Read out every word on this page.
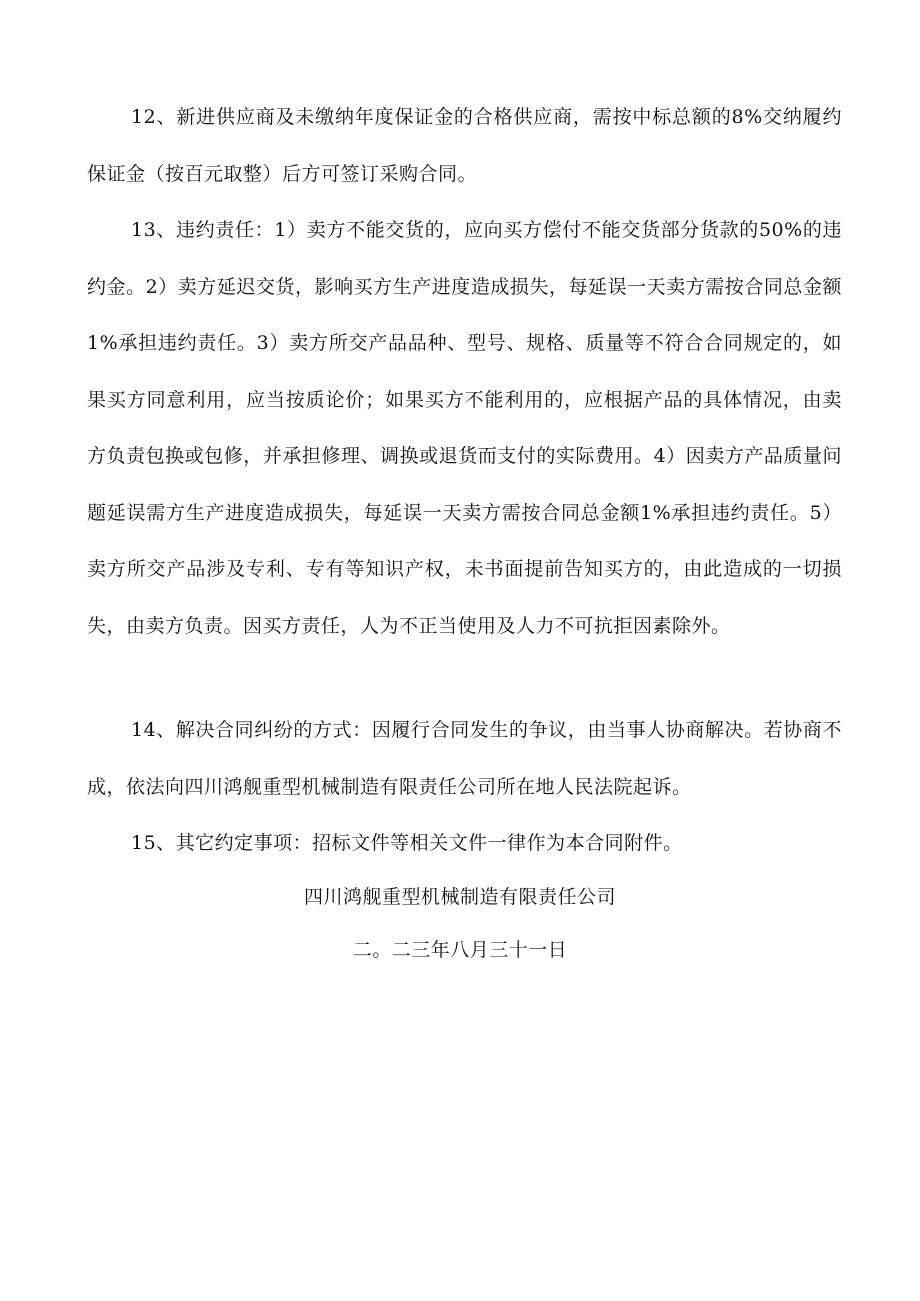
12、新进供应商及未缴纳年度保证金的合格供应商，需按中标总额的8%交纳履约保证金（按百元取整）后方可签订采购合同。

13、违约责任：1）卖方不能交货的，应向买方偿付不能交货部分货款的50%的违约金。2）卖方延迟交货，影响买方生产进度造成损失，每延误一天卖方需按合同总金额1%承担违约责任。3）卖方所交产品品种、型号、规格、质量等不符合合同规定的，如果买方同意利用，应当按质论价；如果买方不能利用的，应根据产品的具体情况，由卖方负责包换或包修，并承担修理、调换或退货而支付的实际费用。4）因卖方产品质量问题延误需方生产进度造成损失，每延误一天卖方需按合同总金额1%承担违约责任。5）卖方所交产品涉及专利、专有等知识产权，未书面提前告知买方的，由此造成的一切损失，由卖方负责。因买方责任，人为不正当使用及人力不可抗拒因素除外。

14、解决合同纠纷的方式：因履行合同发生的争议，由当事人协商解决。若协商不成，依法向四川鸿舰重型机械制造有限责任公司所在地人民法院起诉。

15、其它约定事项：招标文件等相关文件一律作为本合同附件。

四川鸿舰重型机械制造有限责任公司

二。二三年八月三十一日
